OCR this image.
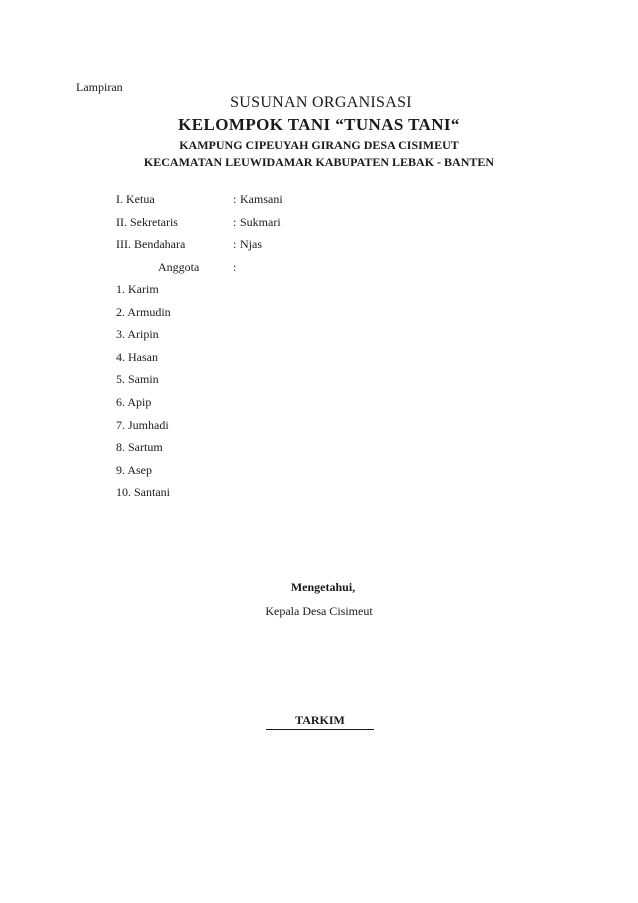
Lampiran
SUSUNAN ORGANISASI
KELOMPOK TANI “TUNAS TANI“
KAMPUNG CIPEUYAH GIRANG DESA CISIMEUT
KECAMATAN LEUWIDAMAR KABUPATEN LEBAK - BANTEN
I. Ketua	: Kamsani
II. Sekretaris	: Sukmari
III. Bendahara	: Njas
Anggota	:
1. Karim
2. Armudin
3. Aripin
4. Hasan
5. Samin
6. Apip
7. Jumhadi
8. Sartum
9. Asep
10. Santani
Mengetahui,
Kepala Desa Cisimeut
TARKIM
